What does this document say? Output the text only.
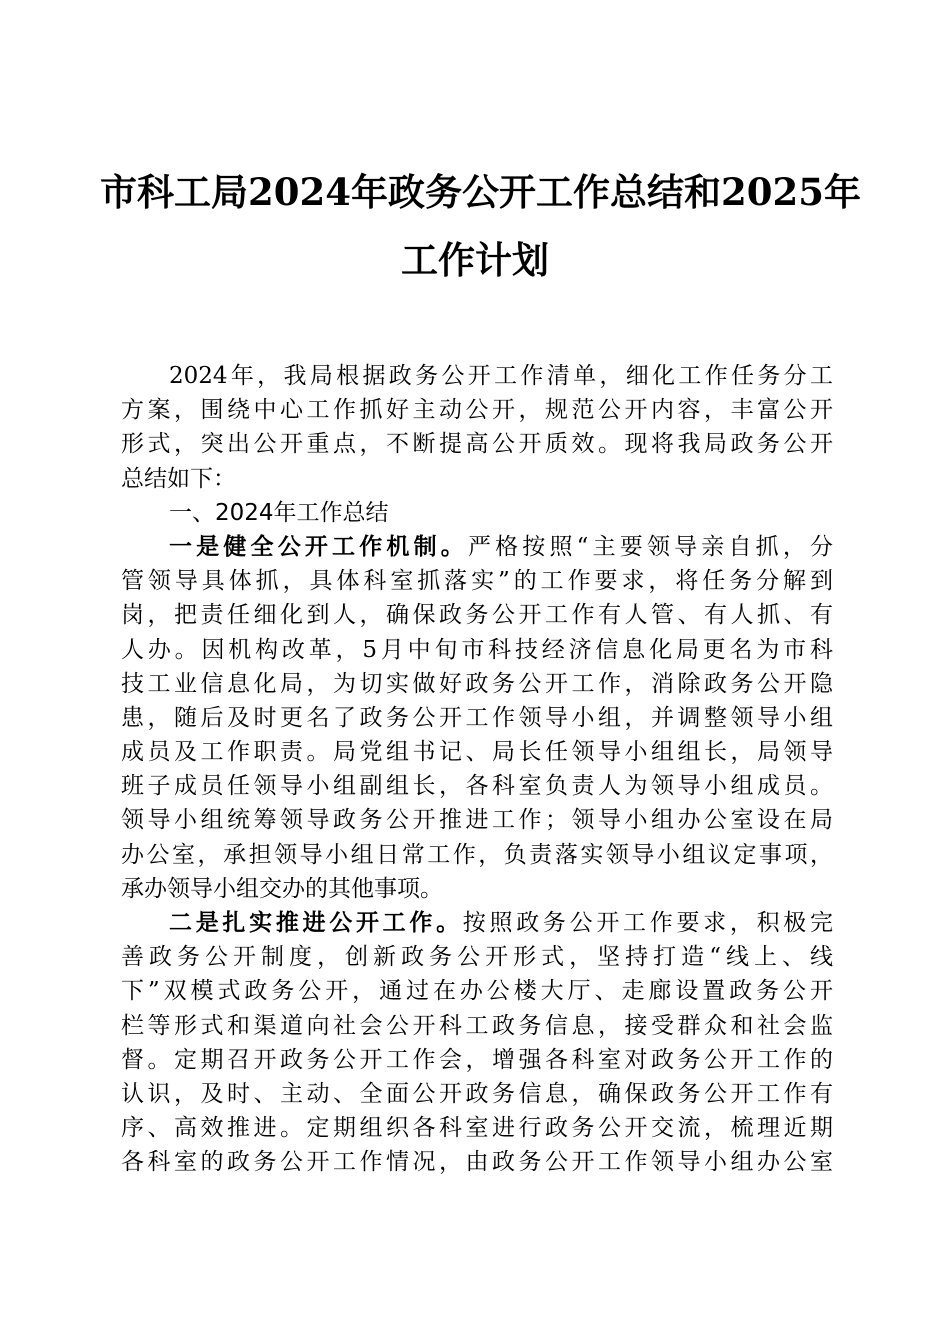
市科工局2024年政务公开工作总结和2025年
工作计划
2024年，我局根据政务公开工作清单，细化工作任务分工
方案，围绕中心工作抓好主动公开，规范公开内容，丰富公开
形式，突出公开重点，不断提高公开质效。现将我局政务公开
总结如下：
一、2024年工作总结
一是健全公开工作机制。严格按照“主要领导亲自抓，分
管领导具体抓，具体科室抓落实”的工作要求，将任务分解到
岗，把责任细化到人，确保政务公开工作有人管、有人抓、有
人办。因机构改革，5月中旬市科技经济信息化局更名为市科
技工业信息化局，为切实做好政务公开工作，消除政务公开隐
患，随后及时更名了政务公开工作领导小组，并调整领导小组
成员及工作职责。局党组书记、局长任领导小组组长，局领导
班子成员任领导小组副组长，各科室负责人为领导小组成员。
领导小组统筹领导政务公开推进工作；领导小组办公室设在局
办公室，承担领导小组日常工作，负责落实领导小组议定事项，
承办领导小组交办的其他事项。
二是扎实推进公开工作。按照政务公开工作要求，积极完
善政务公开制度，创新政务公开形式，坚持打造“线上、线
下”双模式政务公开，通过在办公楼大厅、走廊设置政务公开
栏等形式和渠道向社会公开科工政务信息，接受群众和社会监
督。定期召开政务公开工作会，增强各科室对政务公开工作的
认识，及时、主动、全面公开政务信息，确保政务公开工作有
序、高效推进。定期组织各科室进行政务公开交流，梳理近期
各科室的政务公开工作情况，由政务公开工作领导小组办公室
